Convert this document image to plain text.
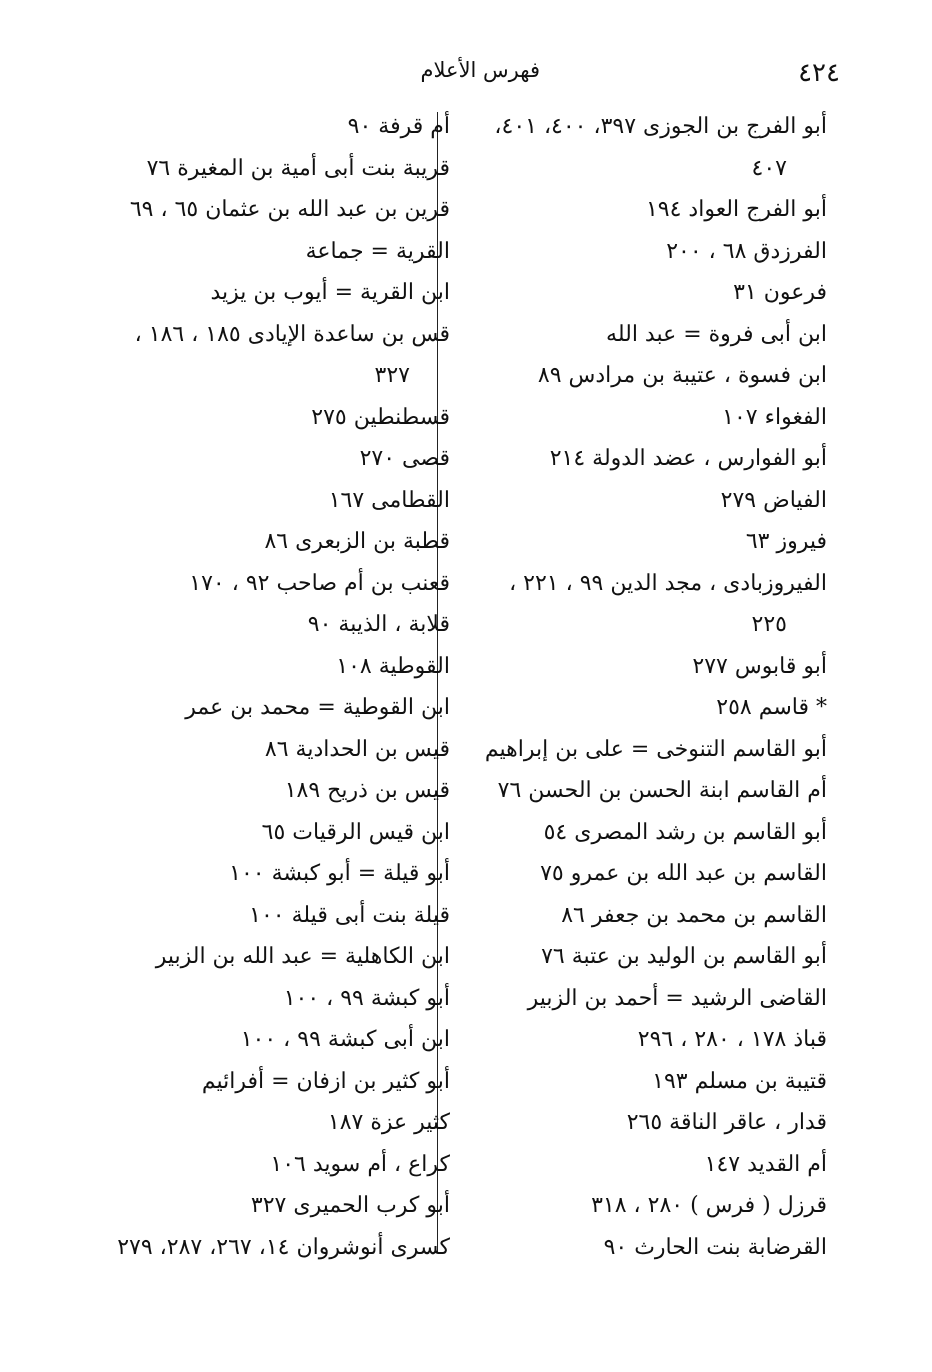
٤٢٤
فهرس الأعلام
أبو الفرج بن الجوزى ٣٩٧، ٤٠٠، ٤٠١،
٤٠٧
أبو الفرج العواد ١٩٤
الفرزدق ٦٨ ، ٢٠٠
فرعون ٣١
ابن أبى فروة = عبد الله
ابن فسوة ، عتيبة بن مرادس ٨٩
الفغواء ١٠٧
أبو الفوارس ، عضد الدولة ٢١٤
الفياض ٢٧٩
فيروز ٦٣
الفيروزبادى ، مجد الدين ٩٩ ، ٢٢١ ،
٢٢٥
أبو قابوس ٢٧٧
* قاسم ٢٥٨
أبو القاسم التنوخى = على بن إبراهيم
أم القاسم ابنة الحسن بن الحسن ٧٦
أبو القاسم بن رشد المصرى ٥٤
القاسم بن عبد الله بن عمرو ٧٥
القاسم بن محمد بن جعفر ٨٦
أبو القاسم بن الوليد بن عتبة ٧٦
القاضى الرشيد = أحمد بن الزبير
قباذ ١٧٨ ، ٢٨٠ ، ٢٩٦
قتيبة بن مسلم ١٩٣
قدار ، عاقر الناقة ٢٦٥
أم القديد ١٤٧
قرزل ( فرس ) ٢٨٠ ، ٣١٨
القرضابة بنت الحارث ٩٠
أم قرفة ٩٠
قريبة بنت أبى أمية بن المغيرة ٧٦
قرين بن عبد الله بن عثمان ٦٥ ، ٦٩
القرية = جماعة
ابن القرية = أيوب بن يزيد
قس بن ساعدة الإيادى ١٨٥ ، ١٨٦ ،
٣٢٧
قسطنطين ٢٧٥
قصى ٢٧٠
القطامى ١٦٧
قطبة بن الزبعرى ٨٦
قعنب بن أم صاحب ٩٢ ، ١٧٠
قلابة ، الذيبة ٩٠
القوطية ١٠٨
ابن القوطية = محمد بن عمر
قيس بن الحدادية ٨٦
قيس بن ذريح ١٨٩
ابن قيس الرقيات ٦٥
أبو قيلة = أبو كبشة ١٠٠
قيلة بنت أبى قيلة ١٠٠
ابن الكاهلية = عبد الله بن الزبير
أبو كبشة ٩٩ ، ١٠٠
ابن أبى كبشة ٩٩ ، ١٠٠
أبو كثير بن ازفان = أفرائيم
كثير عزة ١٨٧
كراع ، أم سويد ١٠٦
أبو كرب الحميرى ٣٢٧
كسرى أنوشروان ١٤، ٢٦٧، ٢٨٧، ٢٧٩
